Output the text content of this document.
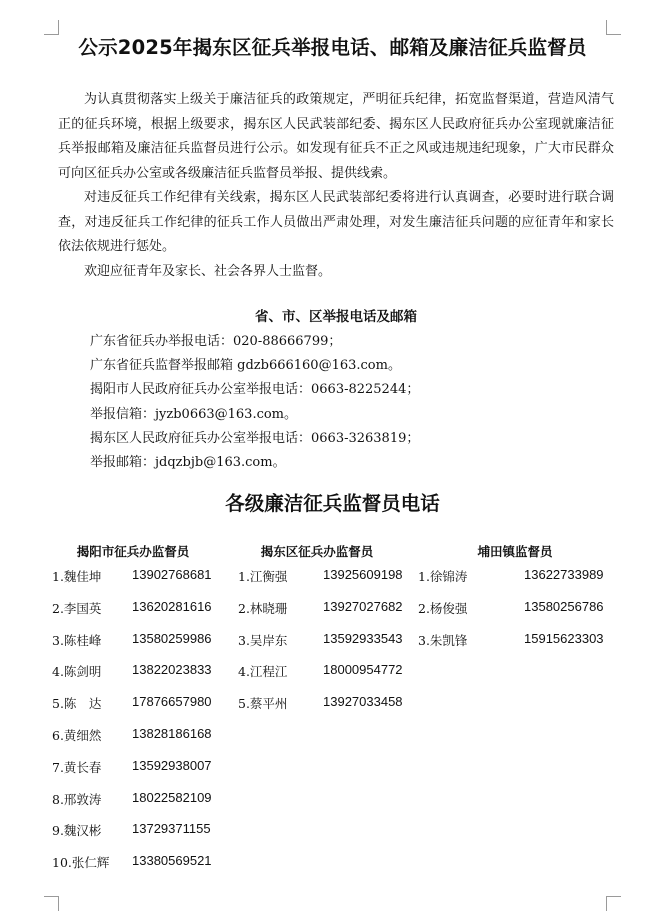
公示2025年揭东区征兵举报电话、邮箱及廉洁征兵监督员

为认真贯彻落实上级关于廉洁征兵的政策规定，严明征兵纪律，拓宽监督渠道，营造风清气正的征兵环境，根据上级要求，揭东区人民武装部纪委、揭东区人民政府征兵办公室现就廉洁征兵举报邮箱及廉洁征兵监督员进行公示。如发现有征兵不正之风或违规违纪现象，广大市民群众可向区征兵办公室或各级廉洁征兵监督员举报、提供线索。

对违反征兵工作纪律有关线索，揭东区人民武装部纪委将进行认真调查，必要时进行联合调查，对违反征兵工作纪律的征兵工作人员做出严肃处理，对发生廉洁征兵问题的应征青年和家长依法依规进行惩处。

欢迎应征青年及家长、社会各界人士监督。

省、市、区举报电话及邮箱
广东省征兵办举报电话：020-88666799；
广东省征兵监督举报邮箱 gdzb666160@163.com。
揭阳市人民政府征兵办公室举报电话：0663-8225244；
举报信箱：jyzb0663@163.com。
揭东区人民政府征兵办公室举报电话：0663-3263819；
举报邮箱：jdqzbjb@163.com。
各级廉洁征兵监督员电话
揭阳市征兵办监督员
1.魏佳坤 13902768681
2.李国英 13620281616
3.陈桂峰 13580259986
4.陈剑明 13822023833
5.陈　达 17876657980
6.黄细然 13828186168
7.黄长春 13592938007
8.邢敦涛 18022582109
9.魏汉彬 13729371155
10.张仁辉 13380569521
揭东区征兵办监督员
1.江衡强	13925609198
2.林晓珊	13927027682
3.吴岸东	13592933543
4.江程江	18000954772
5.蔡平州	13927033458
埔田镇监督员
1.徐锦涛	13622733989
2.杨俊强	13580256786
3.朱凯锋	15915623303
